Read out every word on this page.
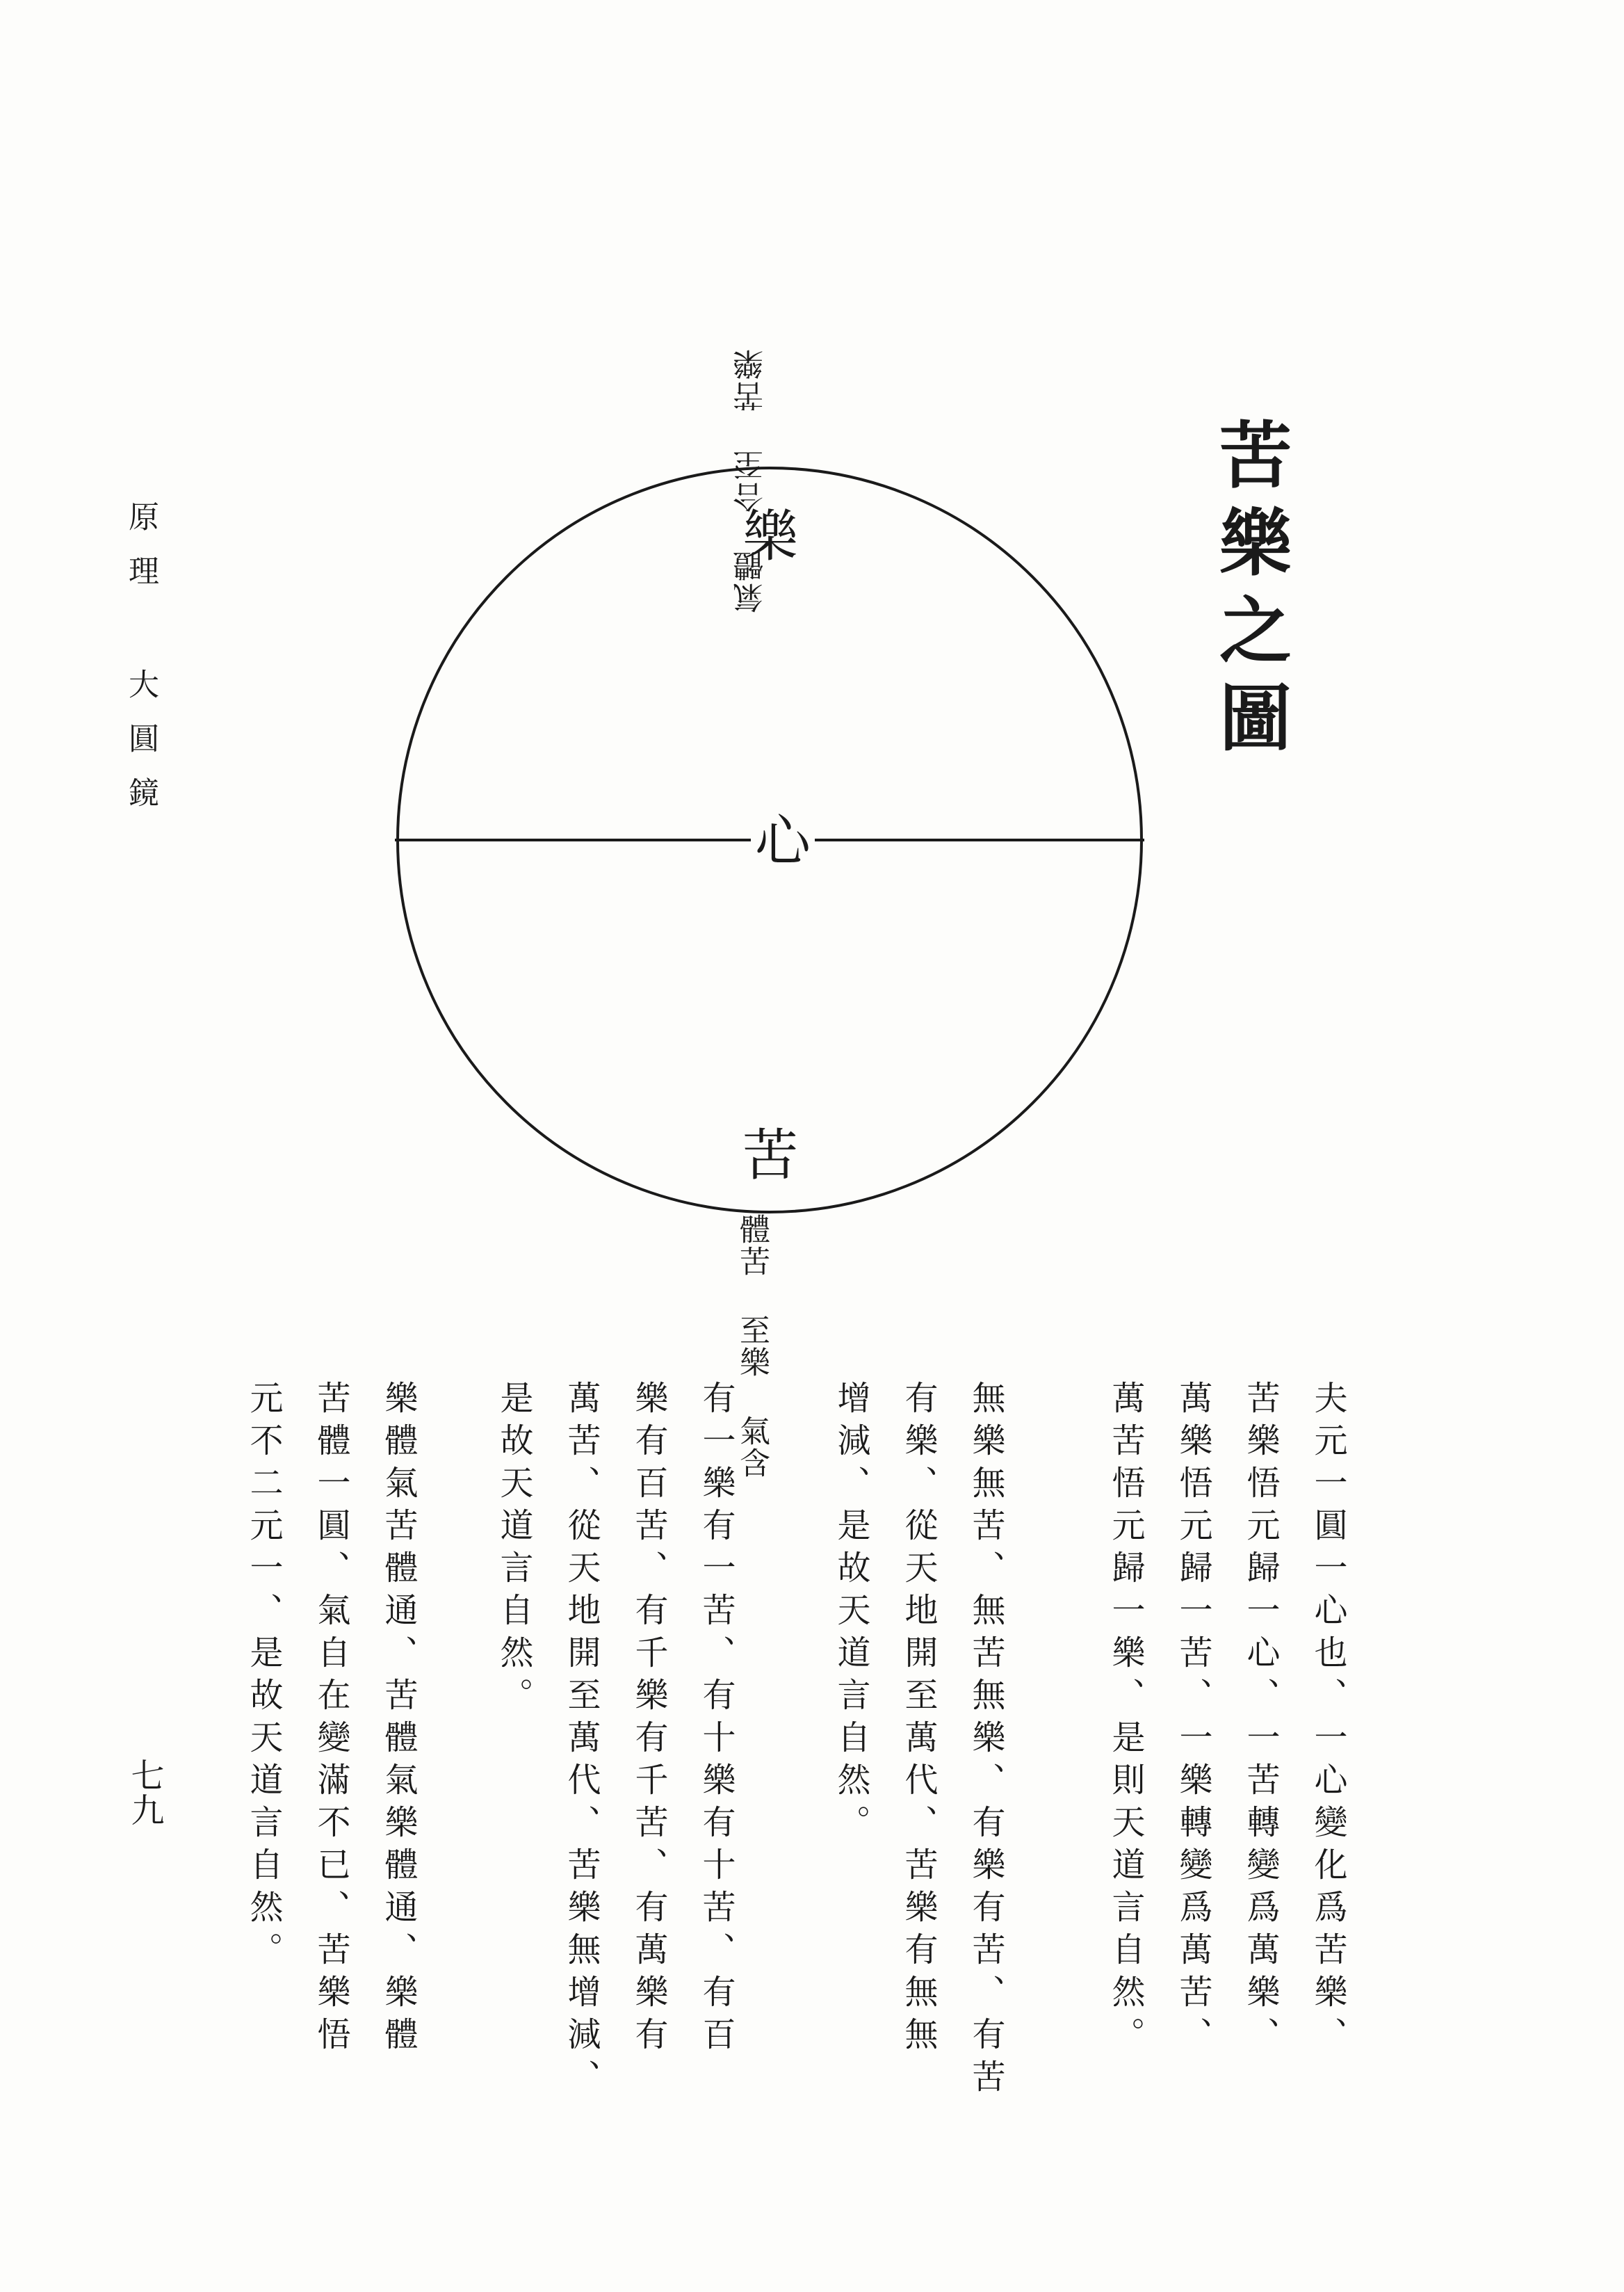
原理 大圓鏡
七九
苦樂之圖
氣體 合至 苦樂
樂
心
苦
體苦 至樂 氣含	夫元一圓一心也、一心變化爲苦樂、
苦樂悟元歸一心、一苦轉變爲萬樂、
萬樂悟元歸一苦、一樂轉變爲萬苦、
萬苦悟元歸一樂、是則天道言自然。
無樂無苦、無苦無樂、有樂有苦、有苦
有樂、從天地開至萬代、苦樂有無無
增減、是故天道言自然。
有一樂有一苦、有十樂有十苦、有百
樂有百苦、有千樂有千苦、有萬樂有
萬苦、從天地開至萬代、苦樂無增減、
是故天道言自然。
樂體氣苦體通、苦體氣樂體通、樂體
苦體一圓、氣自在變滿不已、苦樂悟
元不二元一、是故天道言自然。
